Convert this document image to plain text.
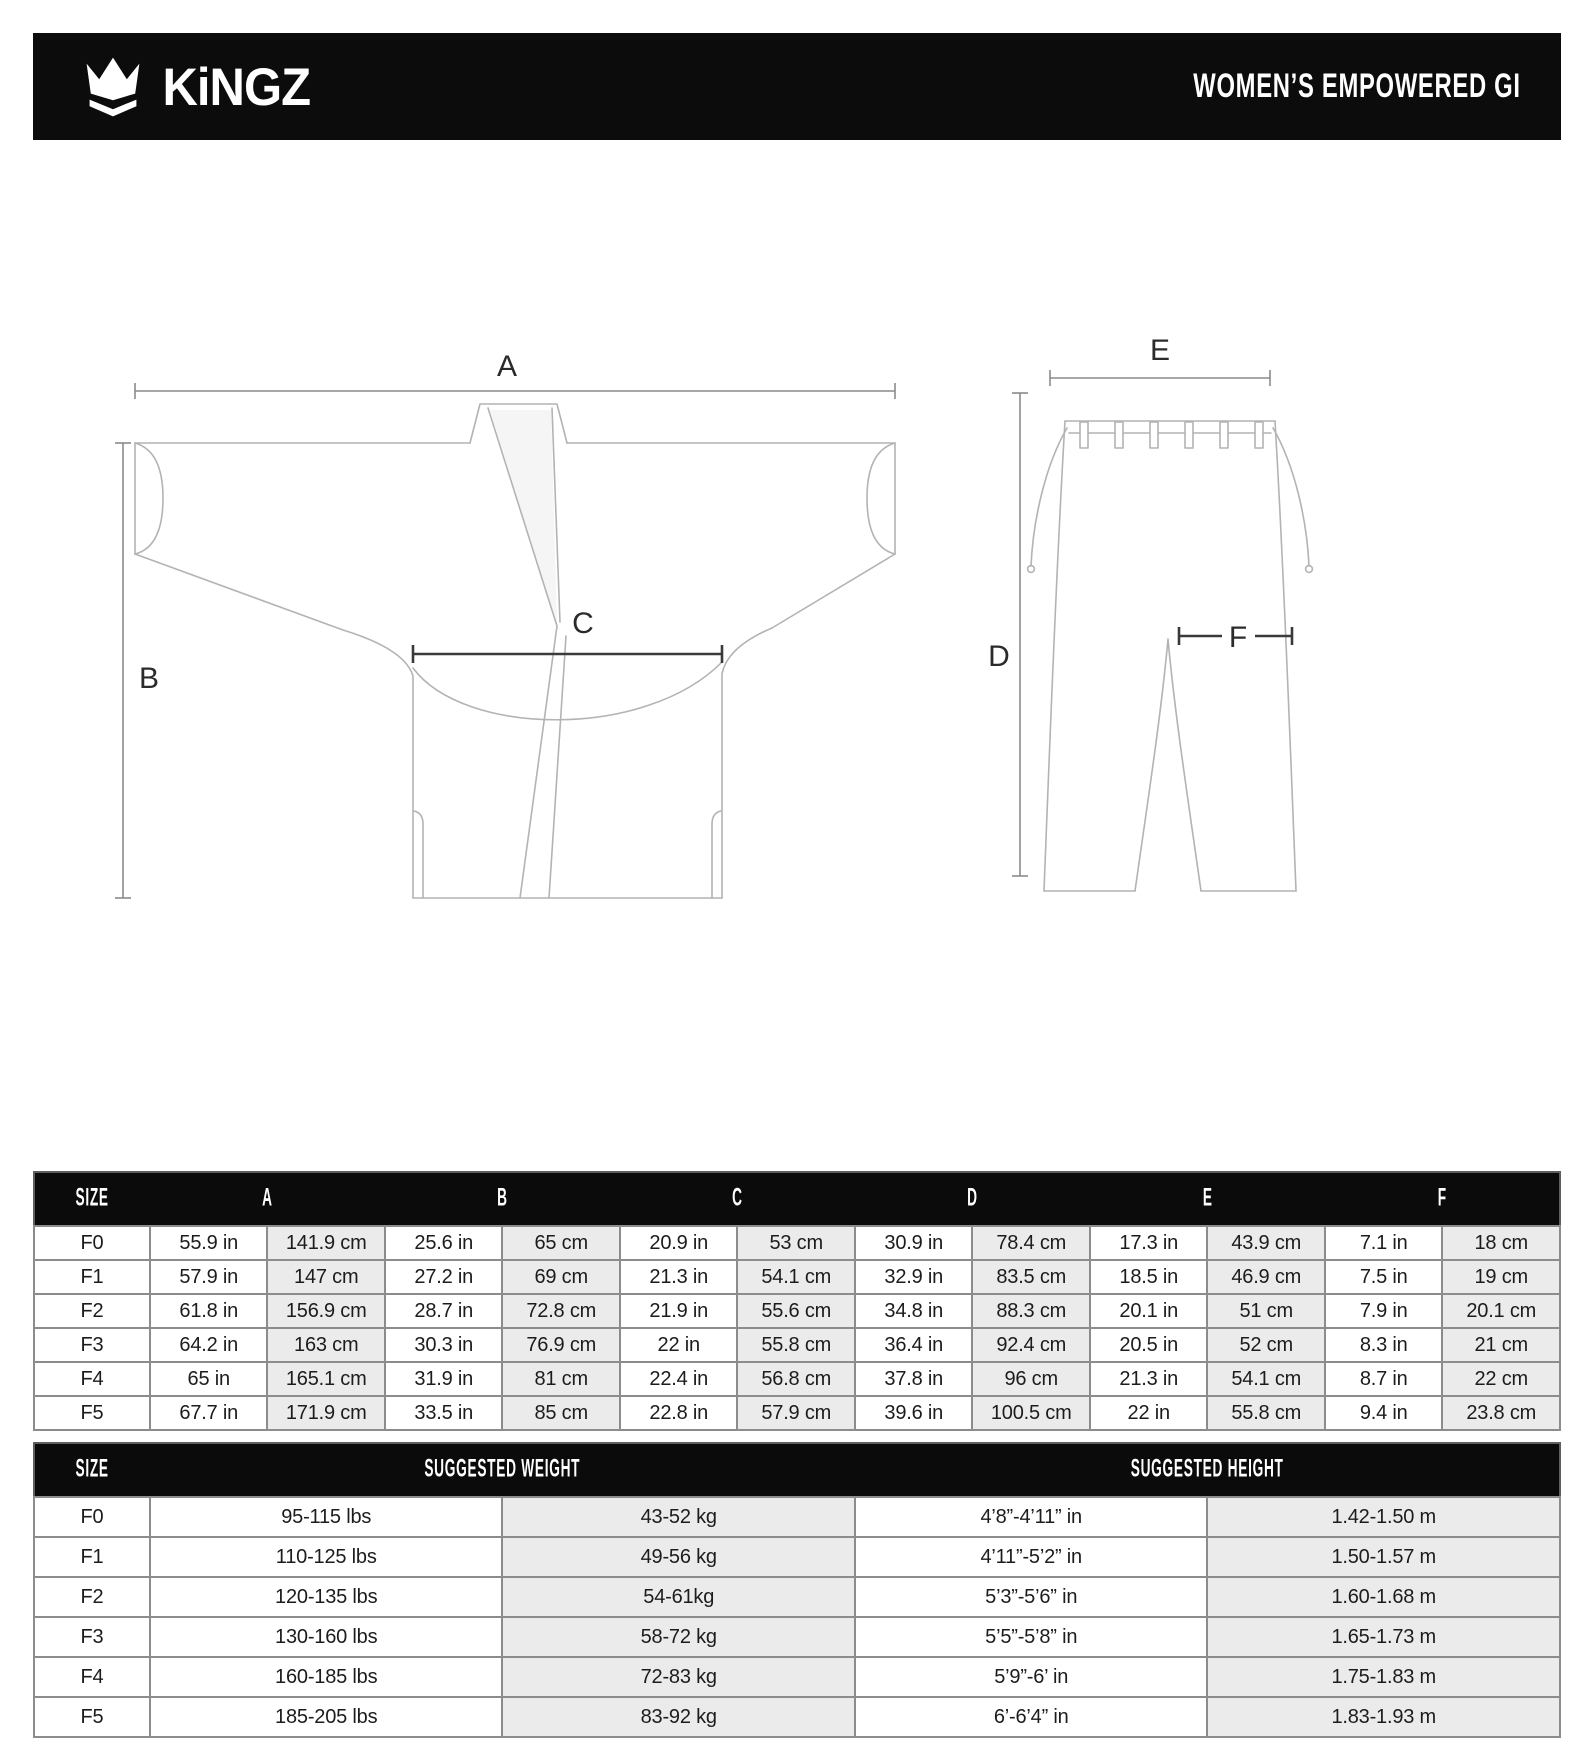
KiNGZ	WOMEN’S EMPOWERED GI
A
B
C
E
D
F
SIZE	A		B		C		D		E		F	
F0	55.9 in	141.9 cm	25.6 in	65 cm	20.9 in	53 cm	30.9 in	78.4 cm	17.3 in	43.9 cm	7.1 in	18 cm
F1	57.9 in	147 cm	27.2 in	69 cm	21.3 in	54.1 cm	32.9 in	83.5 cm	18.5 in	46.9 cm	7.5 in	19 cm
F2	61.8 in	156.9 cm	28.7 in	72.8 cm	21.9 in	55.6 cm	34.8 in	88.3 cm	20.1 in	51 cm	7.9 in	20.1 cm
F3	64.2 in	163 cm	30.3 in	76.9 cm	22 in	55.8 cm	36.4 in	92.4 cm	20.5 in	52 cm	8.3 in	21 cm
F4	65 in	165.1 cm	31.9 in	81 cm	22.4 in	56.8 cm	37.8 in	96 cm	21.3 in	54.1 cm	8.7 in	22 cm
F5	67.7 in	171.9 cm	33.5 in	85 cm	22.8 in	57.9 cm	39.6 in	100.5 cm	22 in	55.8 cm	9.4 in	23.8 cm
SIZE	SUGGESTED WEIGHT		SUGGESTED HEIGHT	
F0	95-115 lbs	43-52 kg	4’8”-4’11” in	1.42-1.50 m
F1	110-125 lbs	49-56 kg	4’11”-5’2” in	1.50-1.57 m
F2	120-135 lbs	54-61kg	5’3”-5’6” in	1.60-1.68 m
F3	130-160 lbs	58-72 kg	5’5”-5’8” in	1.65-1.73 m
F4	160-185 lbs	72-83 kg	5’9”-6’ in	1.75-1.83 m
F5	185-205 lbs	83-92 kg	6’-6’4” in	1.83-1.93 m
